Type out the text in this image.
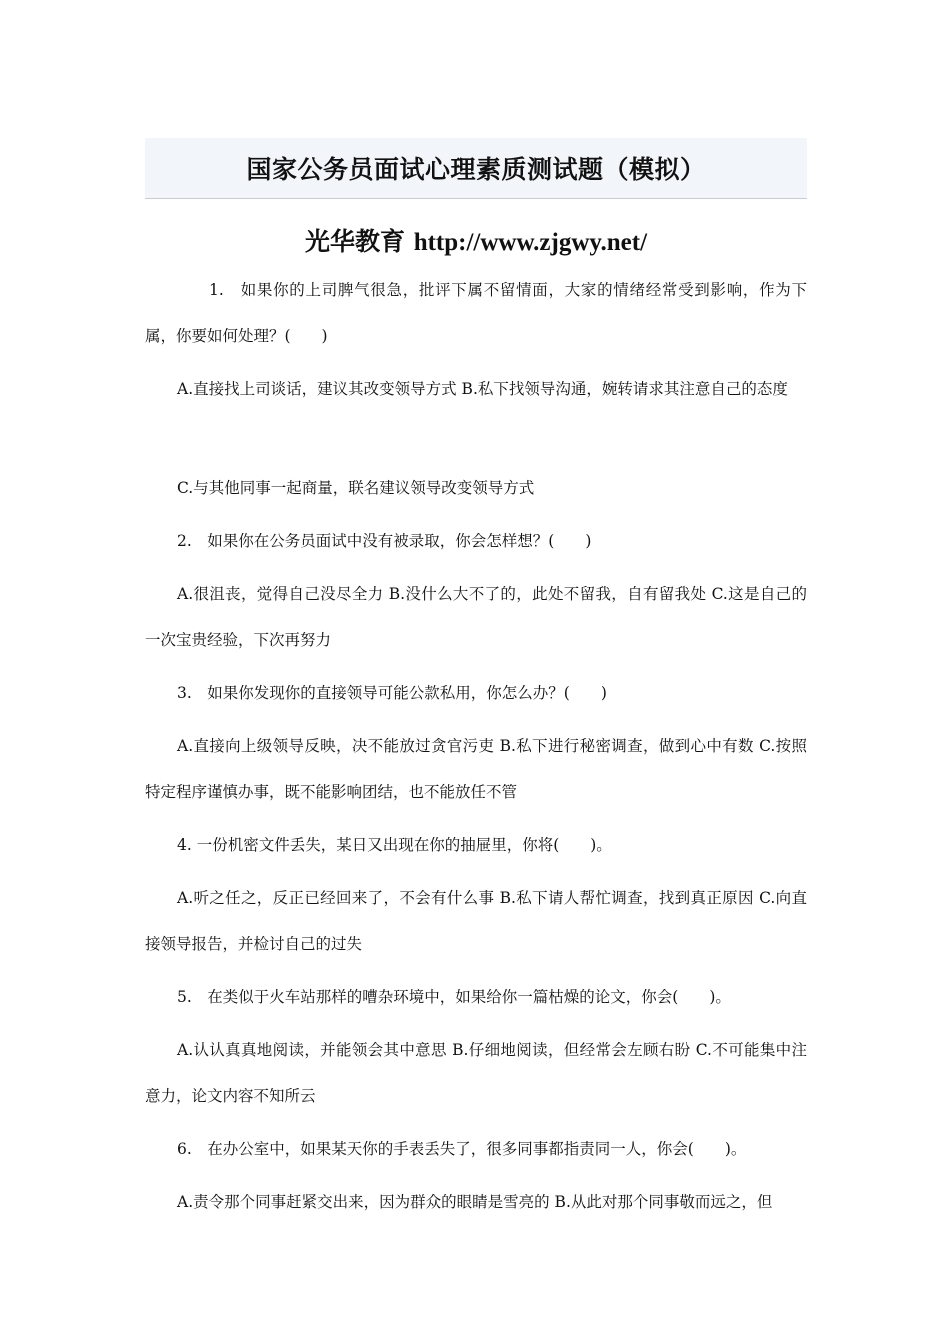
国家公务员面试心理素质测试题（模拟）
光华教育 http://www.zjgwy.net/

1.　如果你的上司脾气很急，批评下属不留情面，大家的情绪经常受到影响，作为下属，你要如何处理？(　　)

A.直接找上司谈话，建议其改变领导方式 B.私下找领导沟通，婉转请求其注意自己的态度

C.与其他同事一起商量，联名建议领导改变领导方式

2.　如果你在公务员面试中没有被录取，你会怎样想？(　　)

A.很沮丧，觉得自己没尽全力 B.没什么大不了的，此处不留我，自有留我处 C.这是自己的一次宝贵经验，下次再努力

3.　如果你发现你的直接领导可能公款私用，你怎么办？(　　)

A.直接向上级领导反映，决不能放过贪官污吏 B.私下进行秘密调查，做到心中有数 C.按照特定程序谨慎办事，既不能影响团结，也不能放任不管

4. 一份机密文件丢失，某日又出现在你的抽屉里，你将(　　)。

A.听之任之，反正已经回来了，不会有什么事 B.私下请人帮忙调查，找到真正原因 C.向直接领导报告，并检讨自己的过失

5.　在类似于火车站那样的嘈杂环境中，如果给你一篇枯燥的论文，你会(　　)。

A.认认真真地阅读，并能领会其中意思 B.仔细地阅读，但经常会左顾右盼 C.不可能集中注意力，论文内容不知所云

6.　在办公室中，如果某天你的手表丢失了，很多同事都指责同一人，你会(　　)。

A.责令那个同事赶紧交出来，因为群众的眼睛是雪亮的 B.从此对那个同事敬而远之，但
